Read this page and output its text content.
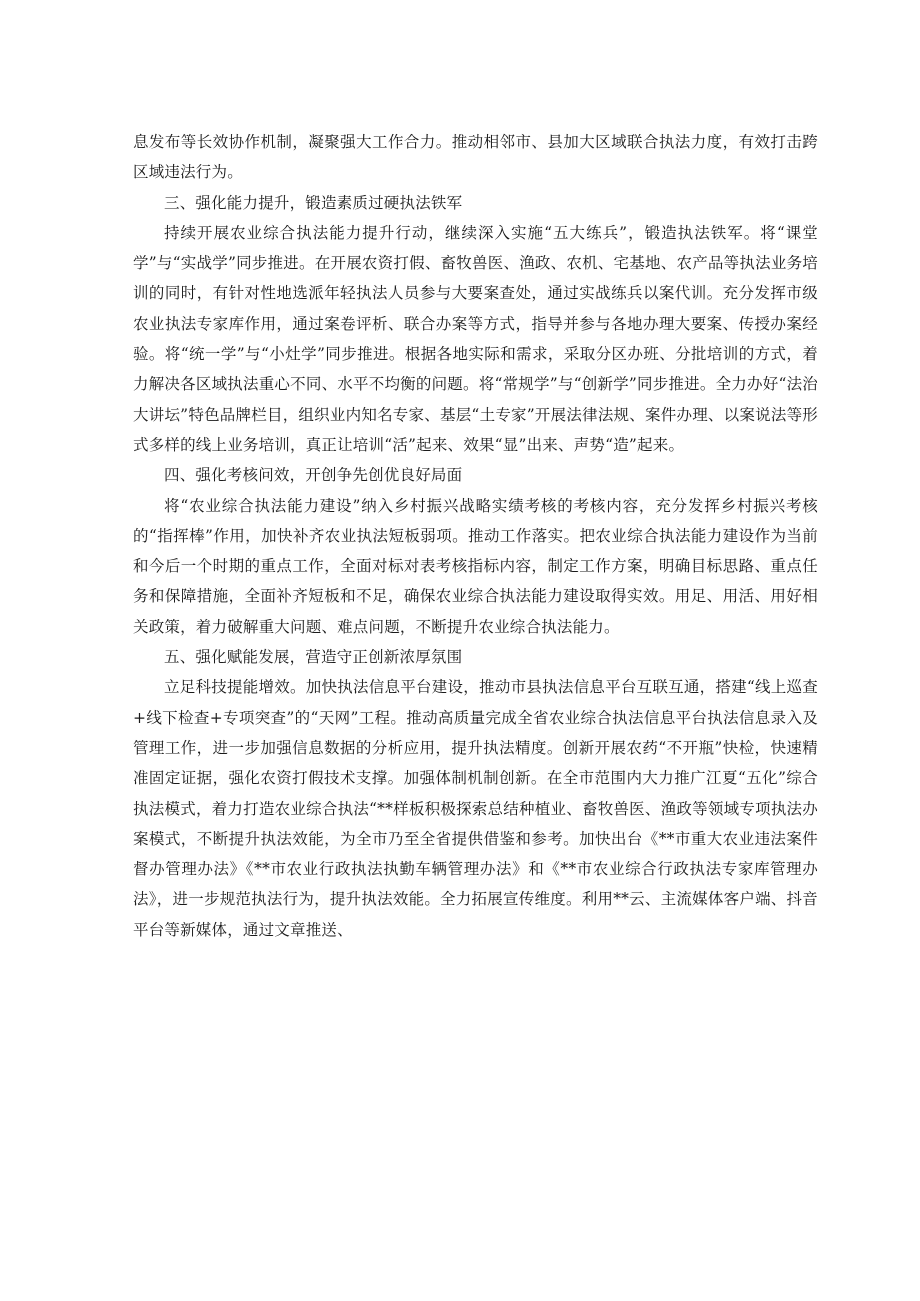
息发布等长效协作机制，凝聚强大工作合力。推动相邻市、县加大区域联合执法力度，有效打击跨区域违法行为。

三、强化能力提升，锻造素质过硬执法铁军

持续开展农业综合执法能力提升行动，继续深入实施“五大练兵”，锻造执法铁军。将“课堂学”与“实战学”同步推进。在开展农资打假、畜牧兽医、渔政、农机、宅基地、农产品等执法业务培训的同时，有针对性地选派年轻执法人员参与大要案查处，通过实战练兵以案代训。充分发挥市级农业执法专家库作用，通过案卷评析、联合办案等方式，指导并参与各地办理大要案、传授办案经验。将“统一学”与“小灶学”同步推进。根据各地实际和需求，采取分区办班、分批培训的方式，着力解决各区域执法重心不同、水平不均衡的问题。将“常规学”与“创新学”同步推进。全力办好“法治大讲坛”特色品牌栏目，组织业内知名专家、基层“土专家”开展法律法规、案件办理、以案说法等形式多样的线上业务培训，真正让培训“活”起来、效果“显”出来、声势“造”起来。

四、强化考核问效，开创争先创优良好局面

将“农业综合执法能力建设”纳入乡村振兴战略实绩考核的考核内容，充分发挥乡村振兴考核的“指挥棒”作用，加快补齐农业执法短板弱项。推动工作落实。把农业综合执法能力建设作为当前和今后一个时期的重点工作，全面对标对表考核指标内容，制定工作方案，明确目标思路、重点任务和保障措施，全面补齐短板和不足，确保农业综合执法能力建设取得实效。用足、用活、用好相关政策，着力破解重大问题、难点问题，不断提升农业综合执法能力。

五、强化赋能发展，营造守正创新浓厚氛围

立足科技提能增效。加快执法信息平台建设，推动市县执法信息平台互联互通，搭建“线上巡查+线下检查+专项突查”的“天网”工程。推动高质量完成全省农业综合执法信息平台执法信息录入及管理工作，进一步加强信息数据的分析应用，提升执法精度。创新开展农药“不开瓶”快检，快速精准固定证据，强化农资打假技术支撑。加强体制机制创新。在全市范围内大力推广江夏“五化”综合执法模式，着力打造农业综合执法“**样板积极探索总结种植业、畜牧兽医、渔政等领域专项执法办案模式，不断提升执法效能，为全市乃至全省提供借鉴和参考。加快出台《**市重大农业违法案件督办管理办法》《**市农业行政执法执勤车辆管理办法》和《**市农业综合行政执法专家库管理办法》，进一步规范执法行为，提升执法效能。全力拓展宣传维度。利用**云、主流媒体客户端、抖音平台等新媒体，通过文章推送、
